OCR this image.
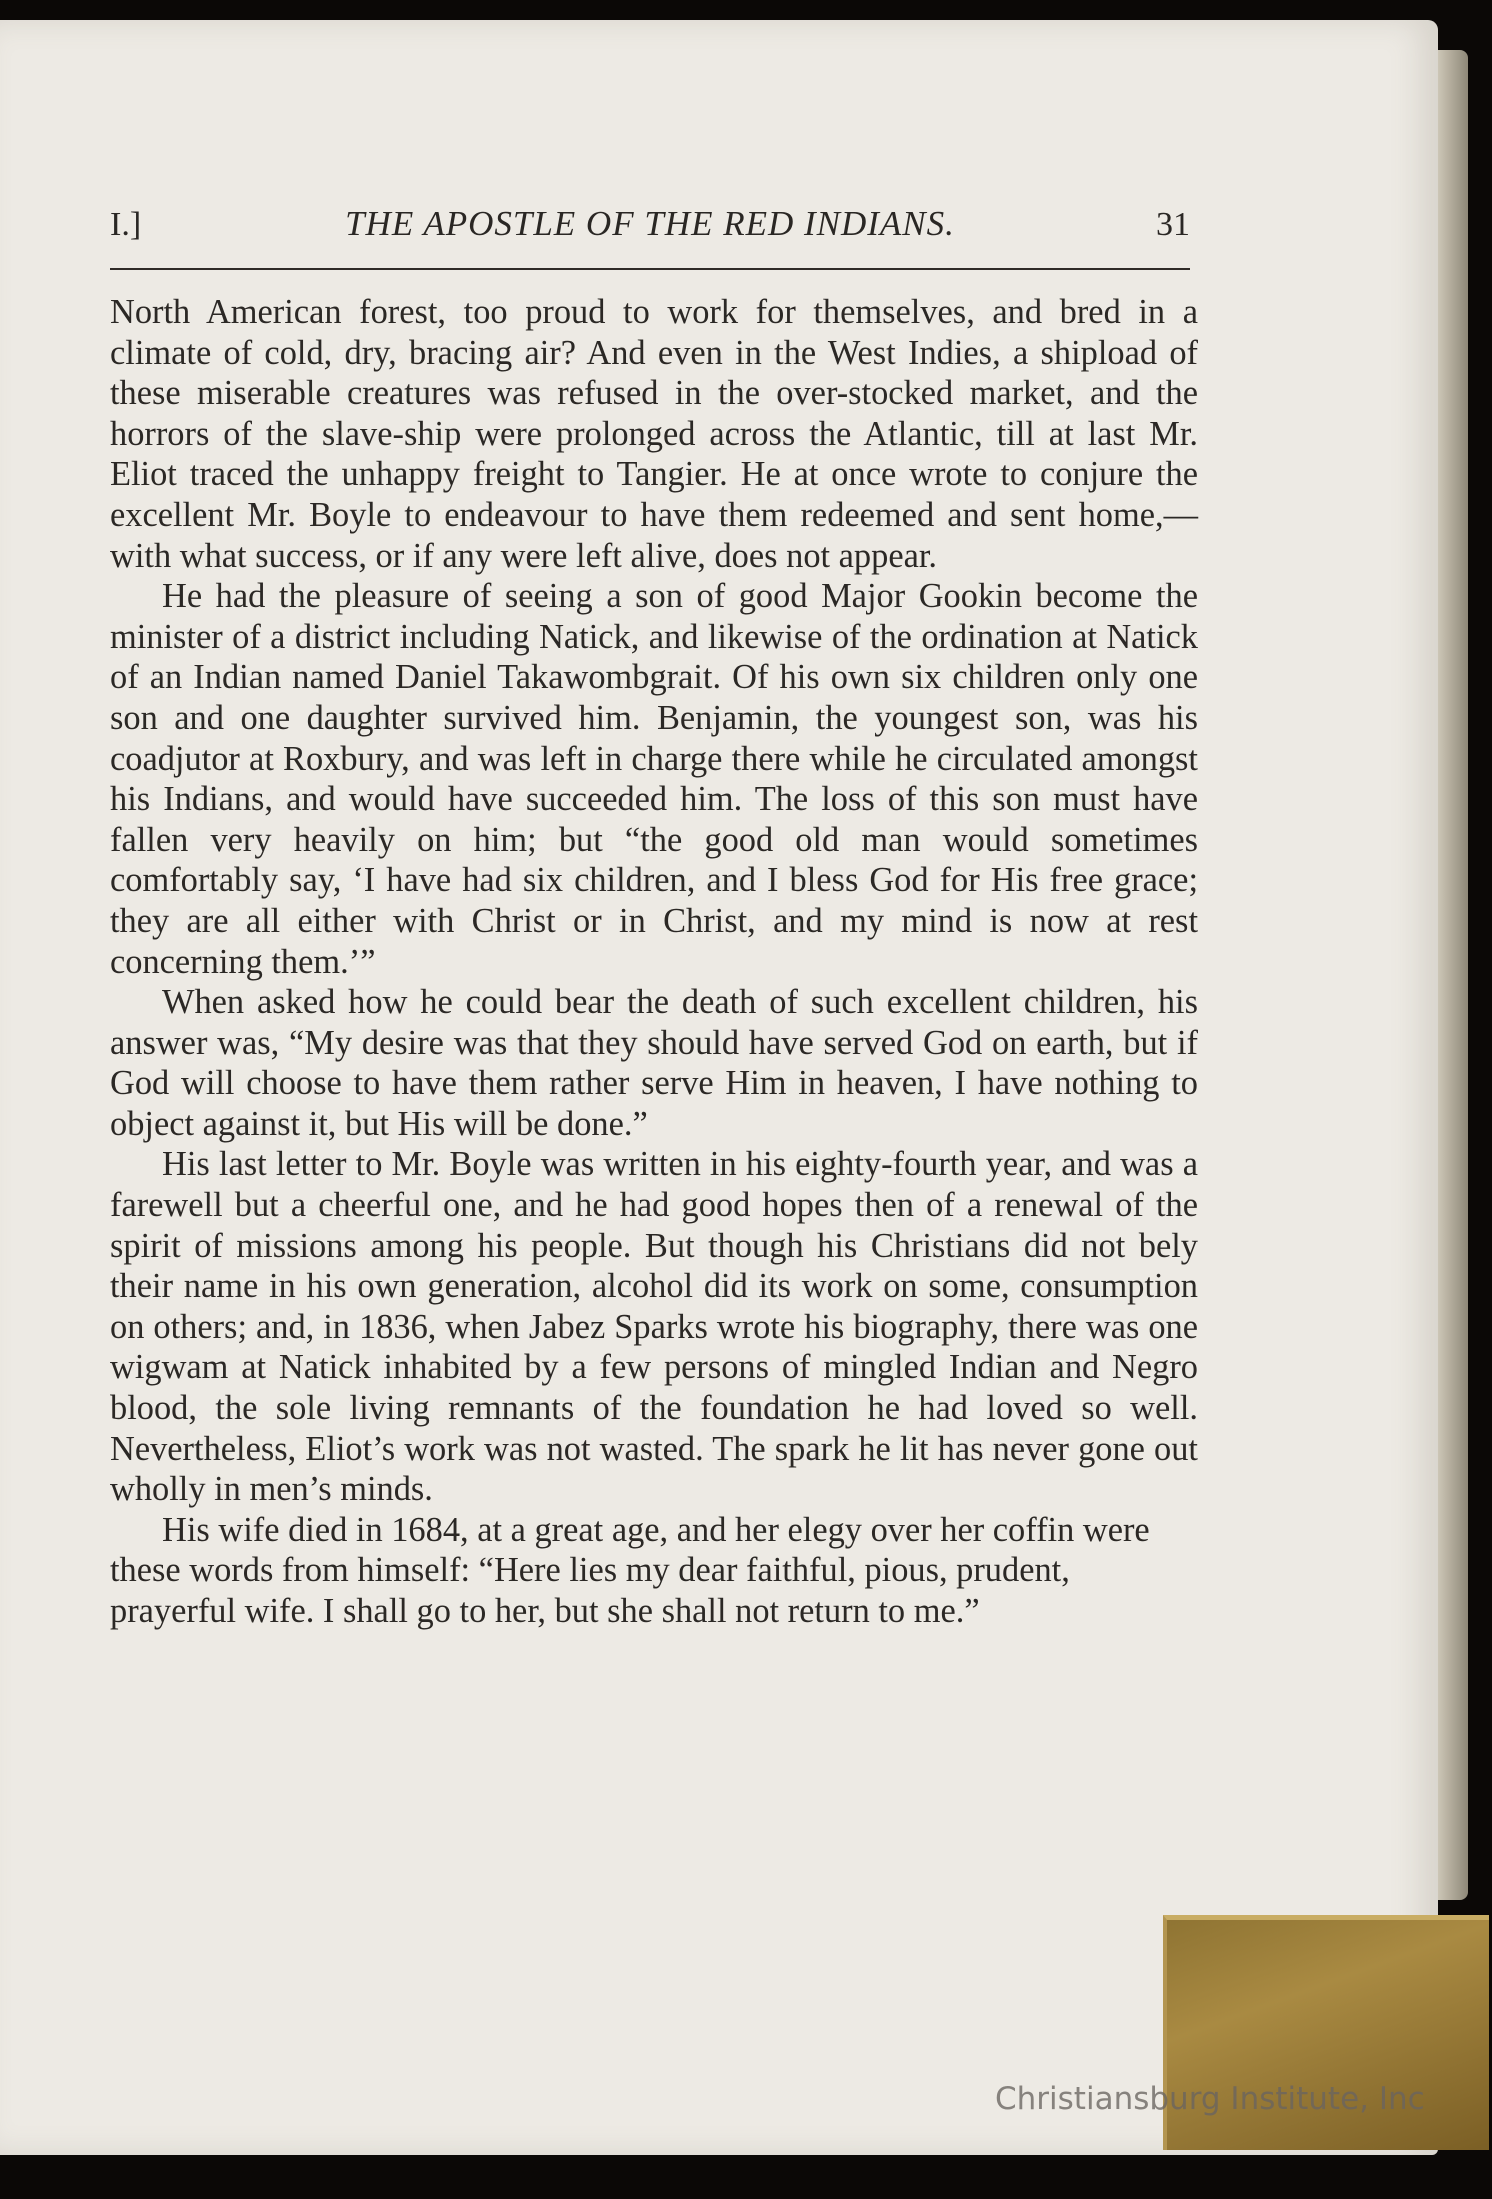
I.]	THE APOSTLE OF THE RED INDIANS.	31

North American forest, too proud to work for themselves, and bred in a climate of cold, dry, bracing air? And even in the West Indies, a shipload of these miserable creatures was refused in the over-stocked market, and the horrors of the slave-ship were prolonged across the Atlantic, till at last Mr. Eliot traced the unhappy freight to Tangier. He at once wrote to conjure the excellent Mr. Boyle to endeavour to have them redeemed and sent home,—with what success, or if any were left alive, does not appear.

He had the pleasure of seeing a son of good Major Gookin become the minister of a district including Natick, and likewise of the ordination at Natick of an Indian named Daniel Takawombgrait. Of his own six children only one son and one daughter survived him. Benjamin, the youngest son, was his coadjutor at Roxbury, and was left in charge there while he circulated amongst his Indians, and would have succeeded him. The loss of this son must have fallen very heavily on him; but “the good old man would sometimes comfortably say, ‘I have had six children, and I bless God for His free grace; they are all either with Christ or in Christ, and my mind is now at rest concerning them.’”

When asked how he could bear the death of such excellent children, his answer was, “My desire was that they should have served God on earth, but if God will choose to have them rather serve Him in heaven, I have nothing to object against it, but His will be done.”

His last letter to Mr. Boyle was written in his eighty-fourth year, and was a farewell but a cheerful one, and he had good hopes then of a renewal of the spirit of missions among his people. But though his Christians did not bely their name in his own generation, alcohol did its work on some, consumption on others; and, in 1836, when Jabez Sparks wrote his biography, there was one wigwam at Natick inhabited by a few persons of mingled Indian and Negro blood, the sole living remnants of the foundation he had loved so well. Nevertheless, Eliot’s work was not wasted. The spark he lit has never gone out wholly in men’s minds.

His wife died in 1684, at a great age, and her elegy over her coffin were these words from himself: “Here lies my dear faithful, pious, prudent, prayerful wife. I shall go to her, but she shall not return to me.”

Christiansburg Institute, Inc
